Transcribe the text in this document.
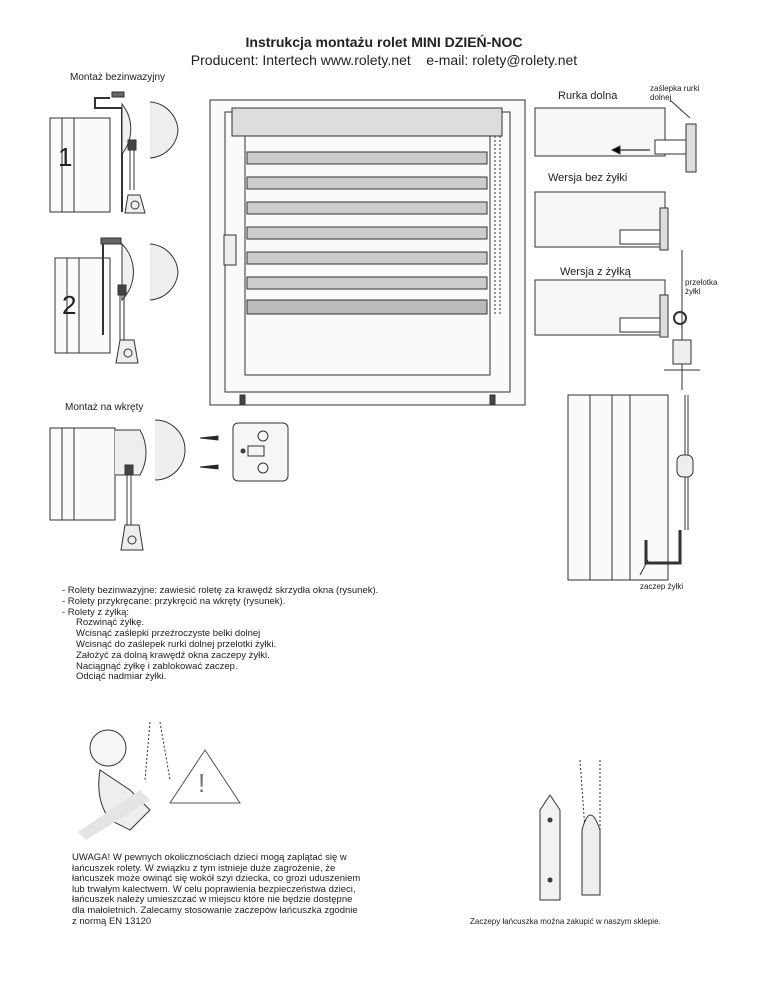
Instrukcja montażu rolet MINI DZIEŃ-NOC
Producent: Intertech www.rolety.net    e-mail: rolety@rolety.net
Montaż bezinwazyjny
1
2
Montaż na wkręty
Rurka dolna
zaślepka rurki
dolnej
Wersja bez żyłki
Wersja z żyłką
przelotka
żyłki
zaczep żyłki
- Rolety bezinwazyjne: zawiesić roletę za krawędź skrzydła okna (rysunek).
- Rolety przykręcane: przykręcić na wkręty (rysunek).
- Rolety z żyłką:
Rozwinąć żyłkę.
Wcisnąć zaślepki przeźroczyste belki dolnej
Wcisnąć do zaślepek rurki dolnej przelotki żyłki.
Założyć za dolną krawędź okna zaczepy żyłki.
Naciągnąć żyłkę i zablokować zaczep.
Odciąć nadmiar żyłki.
!
UWAGA! W pewnych okolicznościach dzieci mogą zaplątać się w
łańcuszek rolety. W związku z tym istnieje duże zagrożenie, że
łańcuszek może owinąć się wokół szyi dziecka, co grozi uduszeniem
lub trwałym kalectwem. W celu poprawienia bezpieczeństwa dzieci,
łańcuszek należy umieszczać w miejscu które nie będzie dostępne
dla małoletnich. Zalecamy stosowanie zaczepów łańcuszka zgodnie
z normą EN 13120	Zaczepy łańcuszka można zakupić w naszym sklepie.
